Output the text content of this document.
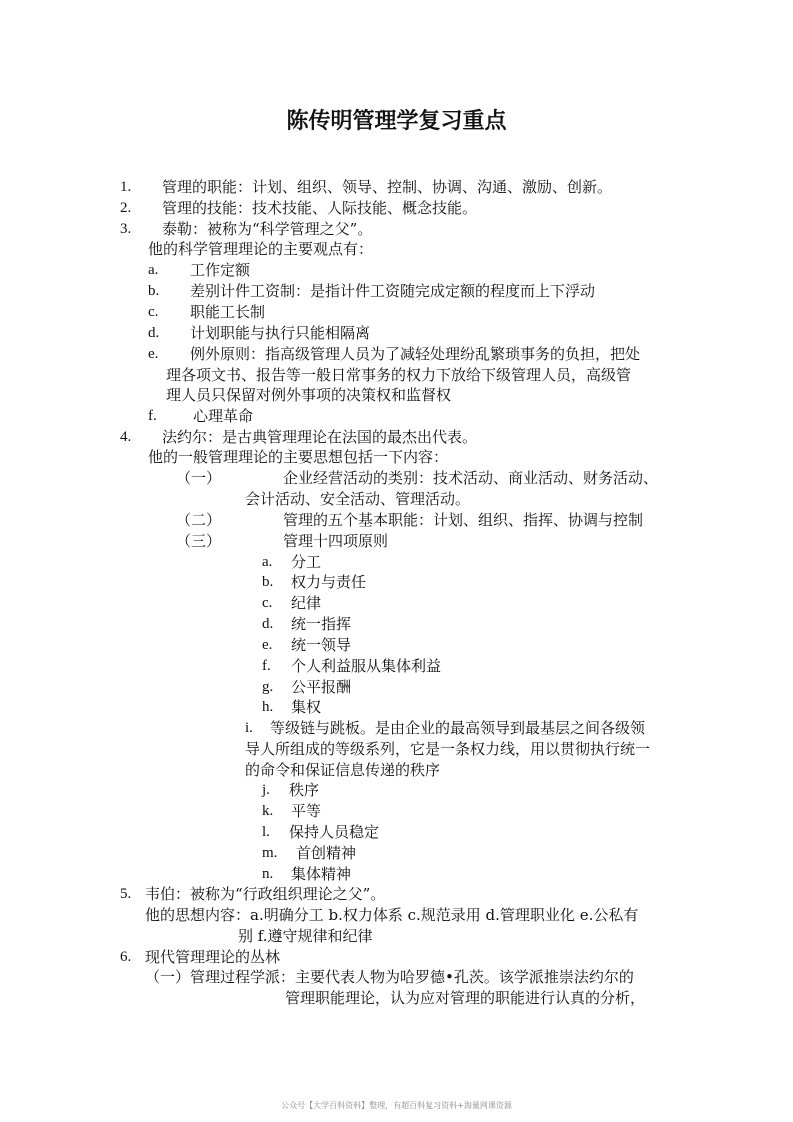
陈传明管理学复习重点
1. 管理的职能：计划、组织、领导、控制、协调、沟通、激励、创新。
2. 管理的技能：技术技能、人际技能、概念技能。
3. 泰勒：被称为“科学管理之父”。
他的科学管理理论的主要观点有：
a. 工作定额
b. 差别计件工资制：是指计件工资随完成定额的程度而上下浮动
c. 职能工长制
d. 计划职能与执行只能相隔离
e. 例外原则：指高级管理人员为了减轻处理纷乱繁琐事务的负担，把处
理各项文书、报告等一般日常事务的权力下放给下级管理人员，高级管
理人员只保留对例外事项的决策权和监督权
f. 心理革命
4. 法约尔：是古典管理理论在法国的最杰出代表。
他的一般管理理论的主要思想包括一下内容：
（一）	企业经营活动的类别：技术活动、商业活动、财务活动、
会计活动、安全活动、管理活动。
（二）	管理的五个基本职能：计划、组织、指挥、协调与控制
（三）	管理十四项原则
a. 分工
b. 权力与责任
c. 纪律
d. 统一指挥
e. 统一领导
f. 个人利益服从集体利益
g. 公平报酬
h. 集权
i. 等级链与跳板。是由企业的最高领导到最基层之间各级领
导人所组成的等级系列，它是一条权力线，用以贯彻执行统一
的命令和保证信息传递的秩序
j. 秩序
k. 平等
l. 保持人员稳定
m. 首创精神
n. 集体精神
5. 韦伯：被称为“行政组织理论之父”。
他的思想内容：a.明确分工 b.权力体系 c.规范录用 d.管理职业化 e.公私有
别 f.遵守规律和纪律
6. 现代管理理论的丛林
（一）管理过程学派：主要代表人物为哈罗德•孔茨。该学派推崇法约尔的
管理职能理论，认为应对管理的职能进行认真的分析，
公众号【大学百科资料】整理，有超百科复习资料+海量网课资源
